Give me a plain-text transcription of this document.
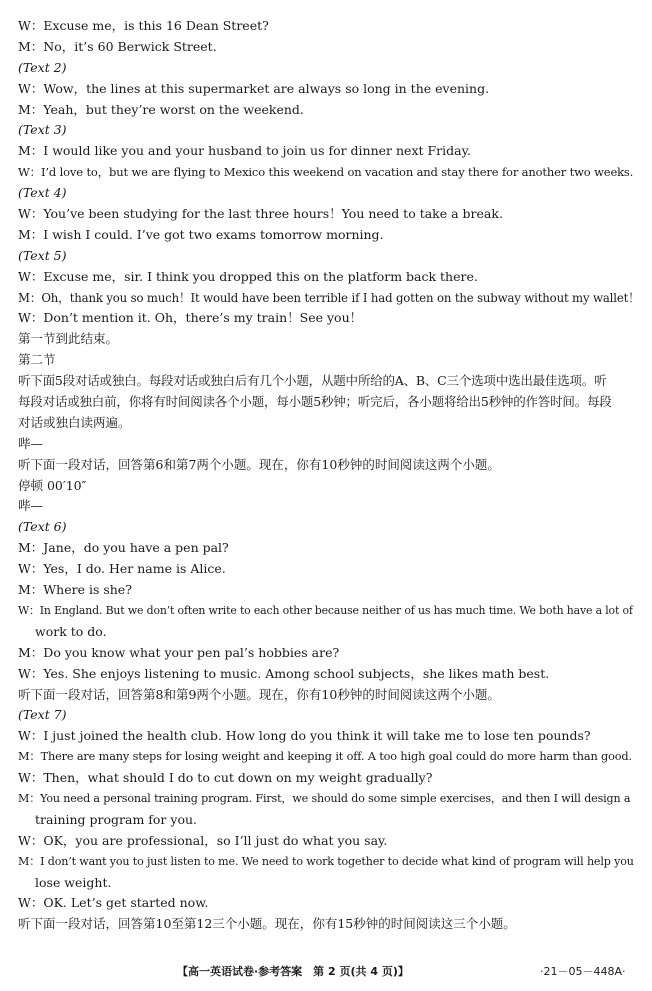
W：Excuse me，is this 16 Dean Street?
M：No，it’s 60 Berwick Street.
(Text 2)
W：Wow，the lines at this supermarket are always so long in the evening.
M：Yeah，but they’re worst on the weekend.
(Text 3)
M：I would like you and your husband to join us for dinner next Friday.
W：I’d love to，but we are flying to Mexico this weekend on vacation and stay there for another two weeks.
(Text 4)
W：You’ve been studying for the last three hours！You need to take a break.
M：I wish I could. I’ve got two exams tomorrow morning.
(Text 5)
W：Excuse me，sir. I think you dropped this on the platform back there.
M：Oh，thank you so much！It would have been terrible if I had gotten on the subway without my wallet！
W：Don’t mention it. Oh，there’s my train！See you！
第一节到此结束。
第二节
听下面5段对话或独白。每段对话或独白后有几个小题，从题中所给的A、B、C三个选项中选出最佳选项。听
每段对话或独白前，你将有时间阅读各个小题，每小题5秒钟；听完后，各小题将给出5秒钟的作答时间。每段
对话或独白读两遍。
哔—
听下面一段对话，回答第6和第7两个小题。现在，你有10秒钟的时间阅读这两个小题。
停顿 00′10″
哔—
(Text 6)
M：Jane，do you have a pen pal?
W：Yes，I do. Her name is Alice.
M：Where is she?
W：In England. But we don’t often write to each other because neither of us has much time. We both have a lot of
work to do.
M：Do you know what your pen pal’s hobbies are?
W：Yes. She enjoys listening to music. Among school subjects，she likes math best.
听下面一段对话，回答第8和第9两个小题。现在，你有10秒钟的时间阅读这两个小题。
(Text 7)
W：I just joined the health club. How long do you think it will take me to lose ten pounds?
M：There are many steps for losing weight and keeping it off. A too high goal could do more harm than good.
W：Then，what should I do to cut down on my weight gradually?
M：You need a personal training program. First，we should do some simple exercises，and then I will design a
training program for you.
W：OK，you are professional，so I’ll just do what you say.
M：I don’t want you to just listen to me. We need to work together to decide what kind of program will help you
lose weight.
W：OK. Let’s get started now.
听下面一段对话，回答第10至第12三个小题。现在，你有15秒钟的时间阅读这三个小题。
【高一英语试卷·参考答案　第 2 页(共 4 页)】	·21－05－448A·
